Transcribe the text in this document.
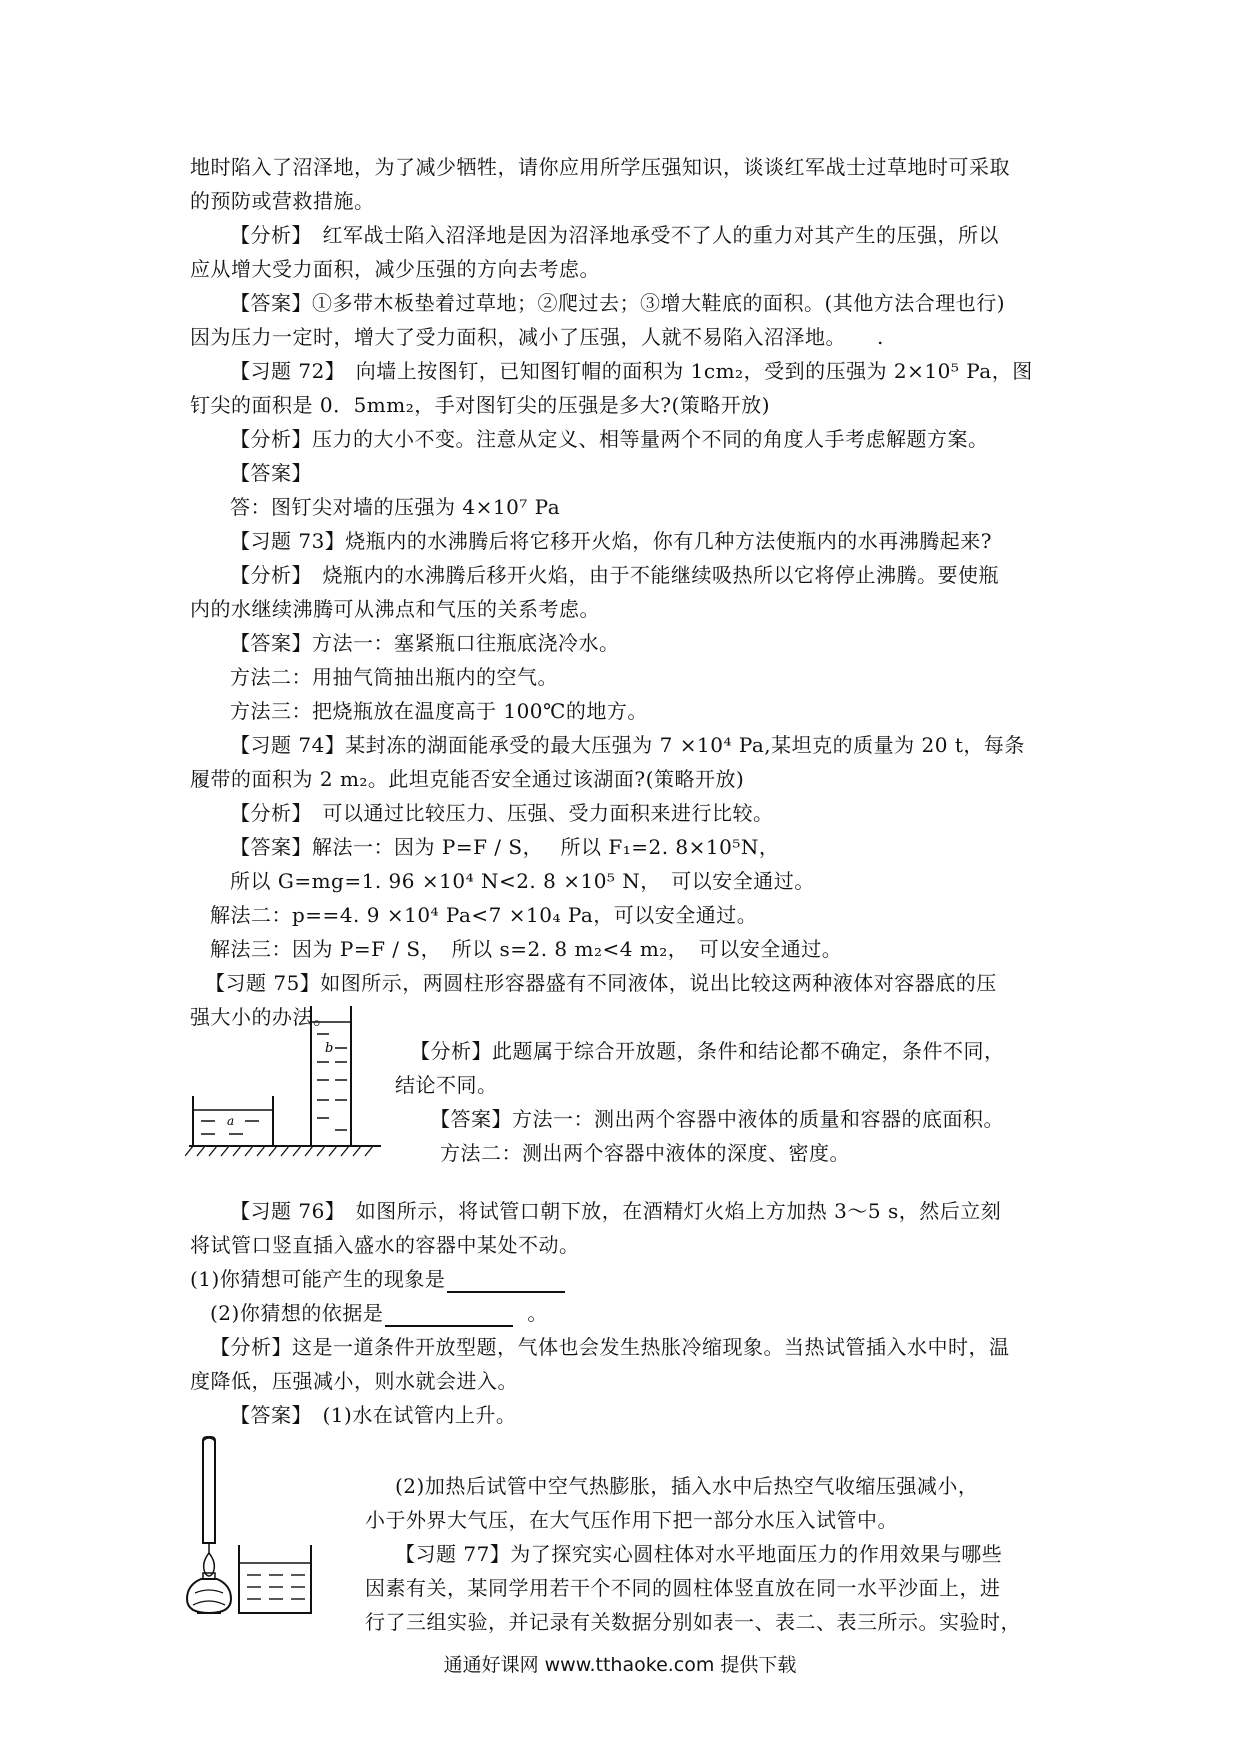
地时陷入了沼泽地，为了减少牺牲，请你应用所学压强知识，谈谈红军战士过草地时可采取
的预防或营救措施。
【分析】　红军战士陷入沼泽地是因为沼泽地承受不了人的重力对其产生的压强，所以
应从增大受力面积，减少压强的方向去考虑。
【答案】①多带木板垫着过草地；②爬过去；③增大鞋底的面积。(其他方法合理也行)
因为压力一定时，增大了受力面积，减小了压强，人就不易陷入沼泽地。　　.
【习题 72】　向墙上按图钉，已知图钉帽的面积为 1cm₂，受到的压强为 2×10⁵ Pa，图
钉尖的面积是 0．5mm₂，手对图钉尖的压强是多大?(策略开放)
【分析】压力的大小不变。注意从定义、相等量两个不同的角度人手考虑解题方案。
【答案】
答：图钉尖对墙的压强为 4×10⁷ Pa
【习题 73】烧瓶内的水沸腾后将它移开火焰，你有几种方法使瓶内的水再沸腾起来?
【分析】　烧瓶内的水沸腾后移开火焰，由于不能继续吸热所以它将停止沸腾。要使瓶
内的水继续沸腾可从沸点和气压的关系考虑。
【答案】方法一：塞紧瓶口往瓶底浇冷水。
方法二：用抽气筒抽出瓶内的空气。
方法三：把烧瓶放在温度高于 100℃的地方。
【习题 74】某封冻的湖面能承受的最大压强为 7 ×10⁴ Pa,某坦克的质量为 20 t，每条
履带的面积为 2 m₂。此坦克能否安全通过该湖面?(策略开放)
【分析】　可以通过比较压力、压强、受力面积来进行比较。
【答案】解法一：因为 P=F / S，　 所以 F₁=2. 8×10⁵N，
所以 G=mg=1. 96 ×10⁴ N<2. 8 ×10⁵ N，　可以安全通过。
解法二：p==4. 9 ×10⁴ Pa<7 ×10₄ Pa，可以安全通过。
解法三：因为 P=F / S，　所以 s=2. 8 m₂<4 m₂，　可以安全通过。
【习题 75】如图所示，两圆柱形容器盛有不同液体，说出比较这两种液体对容器底的压
强大小的办法。
a
b	【分析】此题属于综合开放题，条件和结论都不确定，条件不同，
结论不同。
【答案】方法一：测出两个容器中液体的质量和容器的底面积。
方法二：测出两个容器中液体的深度、密度。
【习题 76】　如图所示，将试管口朝下放，在酒精灯火焰上方加热 3～5 s，然后立刻
将试管口竖直插入盛水的容器中某处不动。
(1)你猜想可能产生的现象是
(2)你猜想的依据是	。
【分析】这是一道条件开放型题，气体也会发生热胀冷缩现象。当热试管插入水中时，温
度降低，压强减小，则水就会进入。
【答案】　(1)水在试管内上升。
(2)加热后试管中空气热膨胀，插入水中后热空气收缩压强减小，
小于外界大气压，在大气压作用下把一部分水压入试管中。
【习题 77】为了探究实心圆柱体对水平地面压力的作用效果与哪些
因素有关，某同学用若干个不同的圆柱体竖直放在同一水平沙面上，进
行了三组实验，并记录有关数据分别如表一、表二、表三所示。实验时，
通通好课网 www.tthaoke.com 提供下载
